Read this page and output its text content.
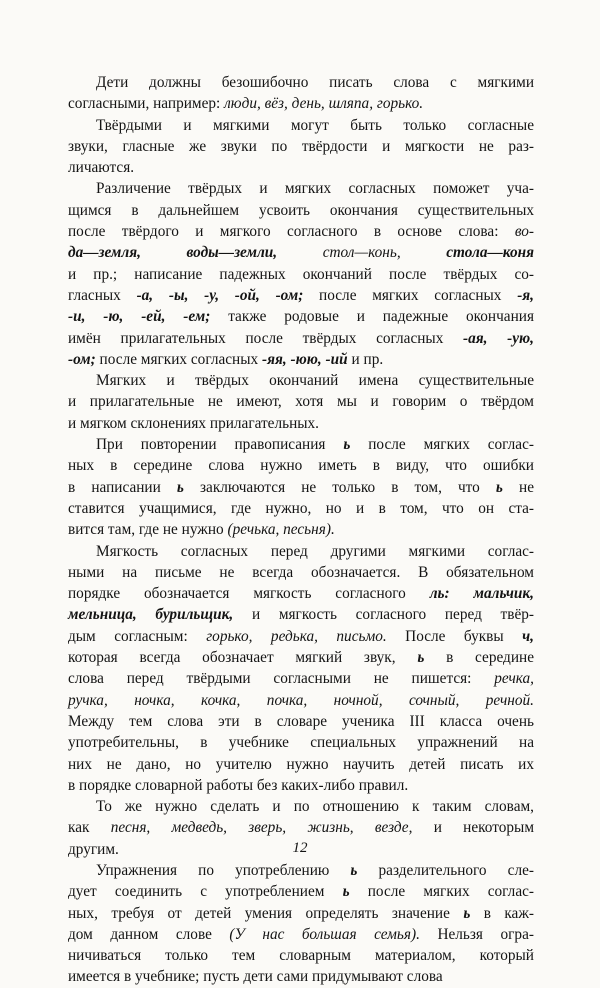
Дети должны безошибочно писать слова с мягкими
согласными, например: люди, вёз, день, шляпа, горько.

Твёрдыми и мягкими могут быть только согласные
звуки, гласные же звуки по твёрдости и мягкости не раз-
личаются.

Различение твёрдых и мягких согласных поможет уча-
щимся в дальнейшем усвоить окончания существительных
после твёрдого и мягкого согласного в основе слова: во-
да—земля,	воды—земли,	стол—конь,	стола—коня
и пр.; написание падежных окончаний после твёрдых со-
гласных -а, -ы, -у, -ой, -ом; после мягких согласных -я,
-и, -ю, -ей, -ем; также родовые и падежные окончания
имён прилагательных после твёрдых согласных -ая, -ую,
-ом; после мягких согласных -яя, -юю, -ий и пр.

Мягких и твёрдых окончаний имена существительные
и прилагательные не имеют, хотя мы и говорим о твёрдом
и мягком склонениях прилагательных.

При повторении правописания ь после мягких соглас-
ных в середине слова нужно иметь в виду, что ошибки
в написании ь заключаются не только в том, что ь не
ставится учащимися, где нужно, но и в том, что он ста-
вится там, где не нужно (речька, песьня).

Мягкость согласных перед другими мягкими соглас-
ными на письме не всегда обозначается. В обязательном
порядке обозначается мягкость согласного ль: мальчик,
мельница, бурильщик, и мягкость согласного перед твёр-
дым согласным: горько, редька, письмо. После буквы ч,
которая всегда обозначает мягкий звук, ь в середине
слова перед твёрдыми согласными не пишется: речка,
ручка, ночка, кочка, почка, ночной, сочный, речной.
Между тем слова эти в словаре ученика III класса очень
употребительны, в учебнике специальных упражнений на
них не дано, но учителю нужно научить детей писать их
в порядке словарной работы без каких-либо правил.

То же нужно сделать и по отношению к таким словам,
как песня, медведь, зверь, жизнь, везде, и некоторым
другим.

Упражнения по употреблению ь разделительного сле-
дует соединить с употреблением ь после мягких соглас-
ных, требуя от детей умения определять значение ь в каж-
дом данном слове (У нас большая семья). Нельзя огра-
ничиваться только тем словарным материалом, который
имеется в учебнике; пусть дети сами придумывают слова

12
